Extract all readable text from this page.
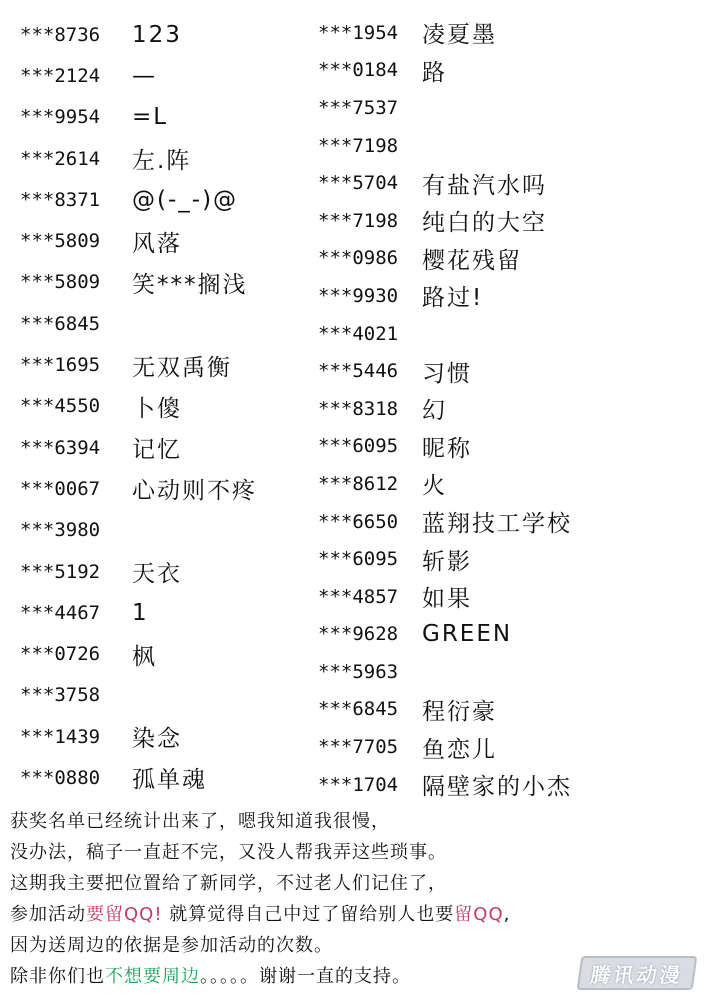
***8736	123
***2124	—
***9954	=L
***2614	左.阵
***8371	@(-_-)@
***5809	风落
***5809	笑***搁浅
***6845
***1695	无双禹衡
***4550	卜傻
***6394	记忆
***0067	心动则不疼
***3980
***5192	天衣
***4467	1
***0726	枫
***3758
***1439	染念
***0880	孤单魂
***1954	凌夏墨
***0184	路
***7537
***7198
***5704	有盐汽水吗
***7198	纯白的大空
***0986	樱花残留
***9930	路过!
***4021
***5446	习惯
***8318	幻
***6095	昵称
***8612	火
***6650	蓝翔技工学校
***6095	斩影
***4857	如果
***9628	GREEN
***5963
***6845	程衍豪
***7705	鱼恋儿
***1704	隔壁家的小杰
获奖名单已经统计出来了，嗯我知道我很慢，
没办法，稿子一直赶不完，又没人帮我弄这些琐事。
这期我主要把位置给了新同学，不过老人们记住了，
参加活动要留QQ! 就算觉得自己中过了留给别人也要留QQ,
因为送周边的依据是参加活动的次数。
除非你们也不想要周边。。。。。谢谢一直的支持。	腾讯动漫
